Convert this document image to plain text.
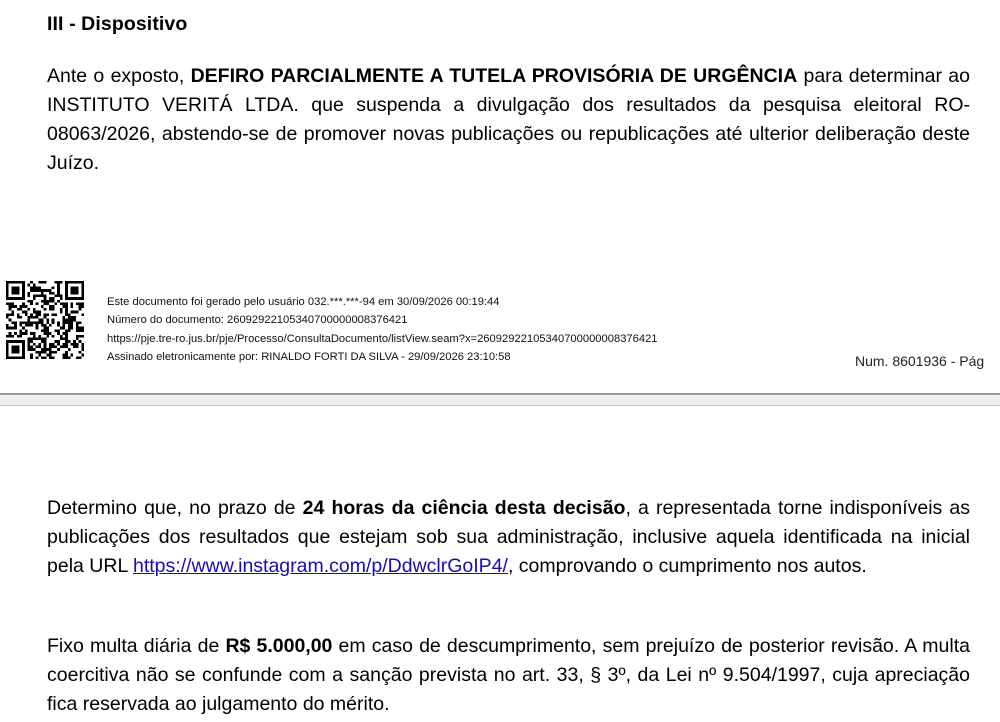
III - Dispositivo

Ante o exposto, DEFIRO PARCIALMENTE A TUTELA PROVISÓRIA DE URGÊNCIA para determinar ao INSTITUTO VERITÁ LTDA. que suspenda a divulgação dos resultados da pesquisa eleitoral RO-08063/2026, abstendo-se de promover novas publicações ou republicações até ulterior deliberação deste Juízo.

Este documento foi gerado pelo usuário 032.***.***-94 em 30/09/2026 00:19:44
Número do documento: 26092922105340700000008376421
https://pje.tre-ro.jus.br/pje/Processo/ConsultaDocumento/listView.seam?x=26092922105340700000008376421
Assinado eletronicamente por: RINALDO FORTI DA SILVA - 29/09/2026 23:10:58	Num. 8601936 - Pág

Determino que, no prazo de 24 horas da ciência desta decisão, a representada torne indisponíveis as publicações dos resultados que estejam sob sua administração, inclusive aquela identificada na inicial pela URL https://www.instagram.com/p/DdwclrGoIP4/, comprovando o cumprimento nos autos.

Fixo multa diária de R$ 5.000,00 em caso de descumprimento, sem prejuízo de posterior revisão. A multa coercitiva não se confunde com a sanção prevista no art. 33, § 3º, da Lei nº 9.504/1997, cuja apreciação fica reservada ao julgamento do mérito.
